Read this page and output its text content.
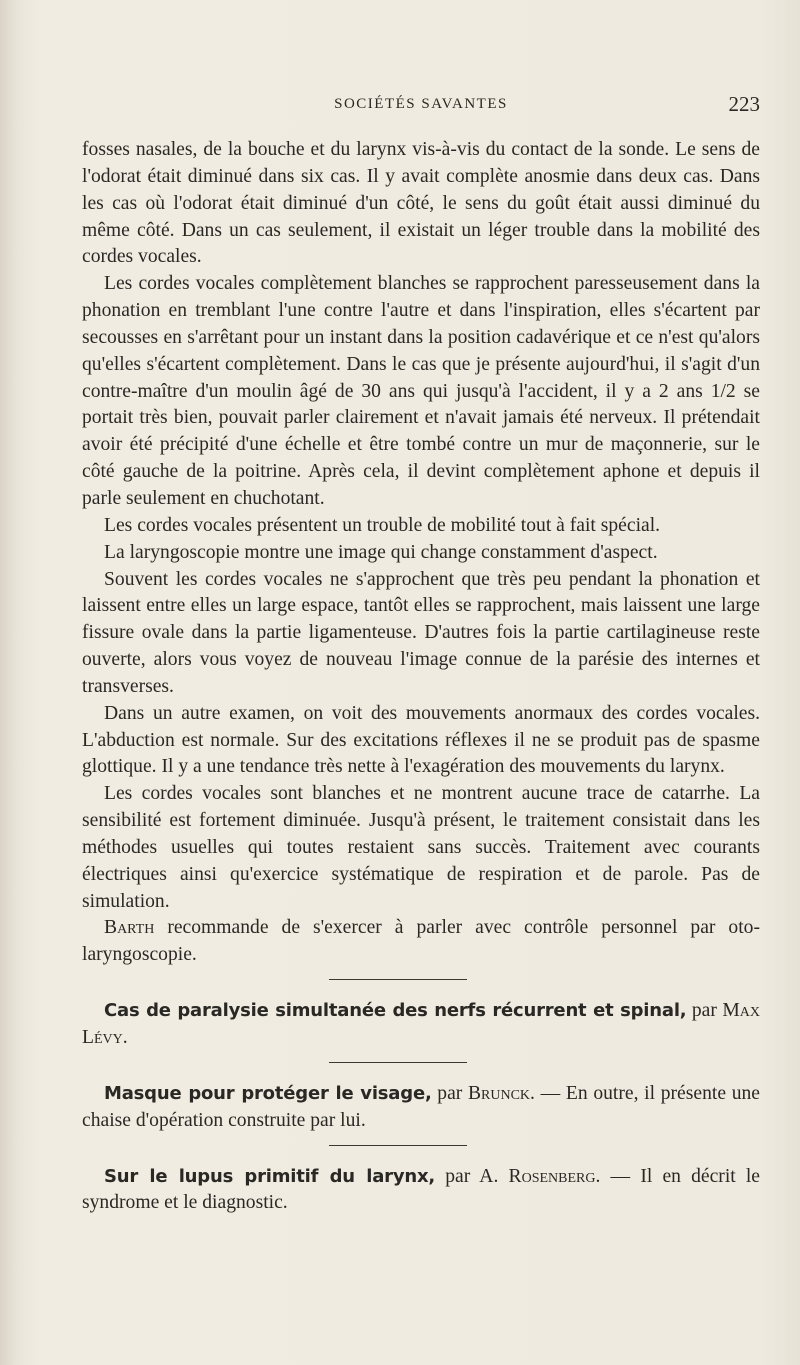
SOCIÉTÉS SAVANTES	223

fosses nasales, de la bouche et du larynx vis-à-vis du contact de la sonde. Le sens de l'odorat était diminué dans six cas. Il y avait complète anosmie dans deux cas. Dans les cas où l'odorat était diminué d'un côté, le sens du goût était aussi diminué du même côté. Dans un cas seulement, il existait un léger trouble dans la mobilité des cordes vocales.

Les cordes vocales complètement blanches se rapprochent paresseusement dans la phonation en tremblant l'une contre l'autre et dans l'inspiration, elles s'écartent par secousses en s'arrêtant pour un instant dans la position cadavérique et ce n'est qu'alors qu'elles s'écartent complètement. Dans le cas que je présente aujourd'hui, il s'agit d'un contre-maître d'un moulin âgé de 30 ans qui jusqu'à l'accident, il y a 2 ans 1/2 se portait très bien, pouvait parler clairement et n'avait jamais été nerveux. Il prétendait avoir été précipité d'une échelle et être tombé contre un mur de maçonnerie, sur le côté gauche de la poitrine. Après cela, il devint complètement aphone et depuis il parle seulement en chuchotant.

Les cordes vocales présentent un trouble de mobilité tout à fait spécial.

La laryngoscopie montre une image qui change constamment d'aspect.

Souvent les cordes vocales ne s'approchent que très peu pendant la phonation et laissent entre elles un large espace, tantôt elles se rapprochent, mais laissent une large fissure ovale dans la partie ligamenteuse. D'autres fois la partie cartilagineuse reste ouverte, alors vous voyez de nouveau l'image connue de la parésie des internes et transverses.

Dans un autre examen, on voit des mouvements anormaux des cordes vocales. L'abduction est normale. Sur des excitations réflexes il ne se produit pas de spasme glottique. Il y a une tendance très nette à l'exagération des mouvements du larynx.

Les cordes vocales sont blanches et ne montrent aucune trace de catarrhe. La sensibilité est fortement diminuée. Jusqu'à présent, le traitement consistait dans les méthodes usuelles qui toutes restaient sans succès. Traitement avec courants électriques ainsi qu'exercice systématique de respiration et de parole. Pas de simulation.

Barth recommande de s'exercer à parler avec contrôle personnel par oto-laryngoscopie.

Cas de paralysie simultanée des nerfs récurrent et spinal, par Max Lévy.

Masque pour protéger le visage, par Brunck. — En outre, il présente une chaise d'opération construite par lui.

Sur le lupus primitif du larynx, par A. Rosenberg. — Il en décrit le syndrome et le diagnostic.
